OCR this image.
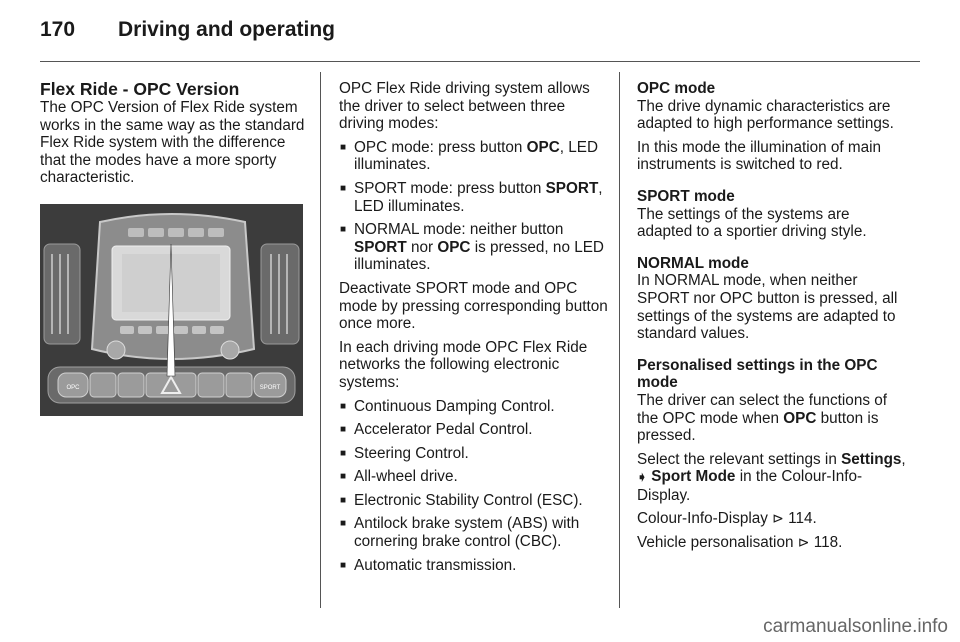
170 Driving and operating
Flex Ride - OPC Version

The OPC Version of Flex Ride system works in the same way as the standard Flex Ride system with the difference that the modes have a more sporty characteristic.

OPC	SPORT

OPC Flex Ride driving system allows the driver to select between three driving modes:

■ OPC mode: press button OPC, LED illuminates.
■ SPORT mode: press button SPORT, LED illuminates.
■ NORMAL mode: neither button SPORT nor OPC is pressed, no LED illuminates.

Deactivate SPORT mode and OPC mode by pressing corresponding button once more.

In each driving mode OPC Flex Ride networks the following electronic systems:

■ Continuous Damping Control.
■ Accelerator Pedal Control.
■ Steering Control.
■ All-wheel drive.
■ Electronic Stability Control (ESC).
■ Antilock brake system (ABS) with cornering brake control (CBC).
■ Automatic transmission.
OPC mode

The drive dynamic characteristics are adapted to high performance settings.

In this mode the illumination of main instruments is switched to red.

SPORT mode

The settings of the systems are adapted to a sportier driving style.

NORMAL mode

In NORMAL mode, when neither SPORT nor OPC button is pressed, all settings of the systems are adapted to standard values.

Personalised settings in the OPC mode

The driver can select the functions of the OPC mode when OPC button is pressed.

Select the relevant settings in Settings, ➧ Sport Mode in the Colour-Info-Display.

Colour-Info-Display ⊳ 114.

Vehicle personalisation ⊳ 118.

carmanualsonline.info
